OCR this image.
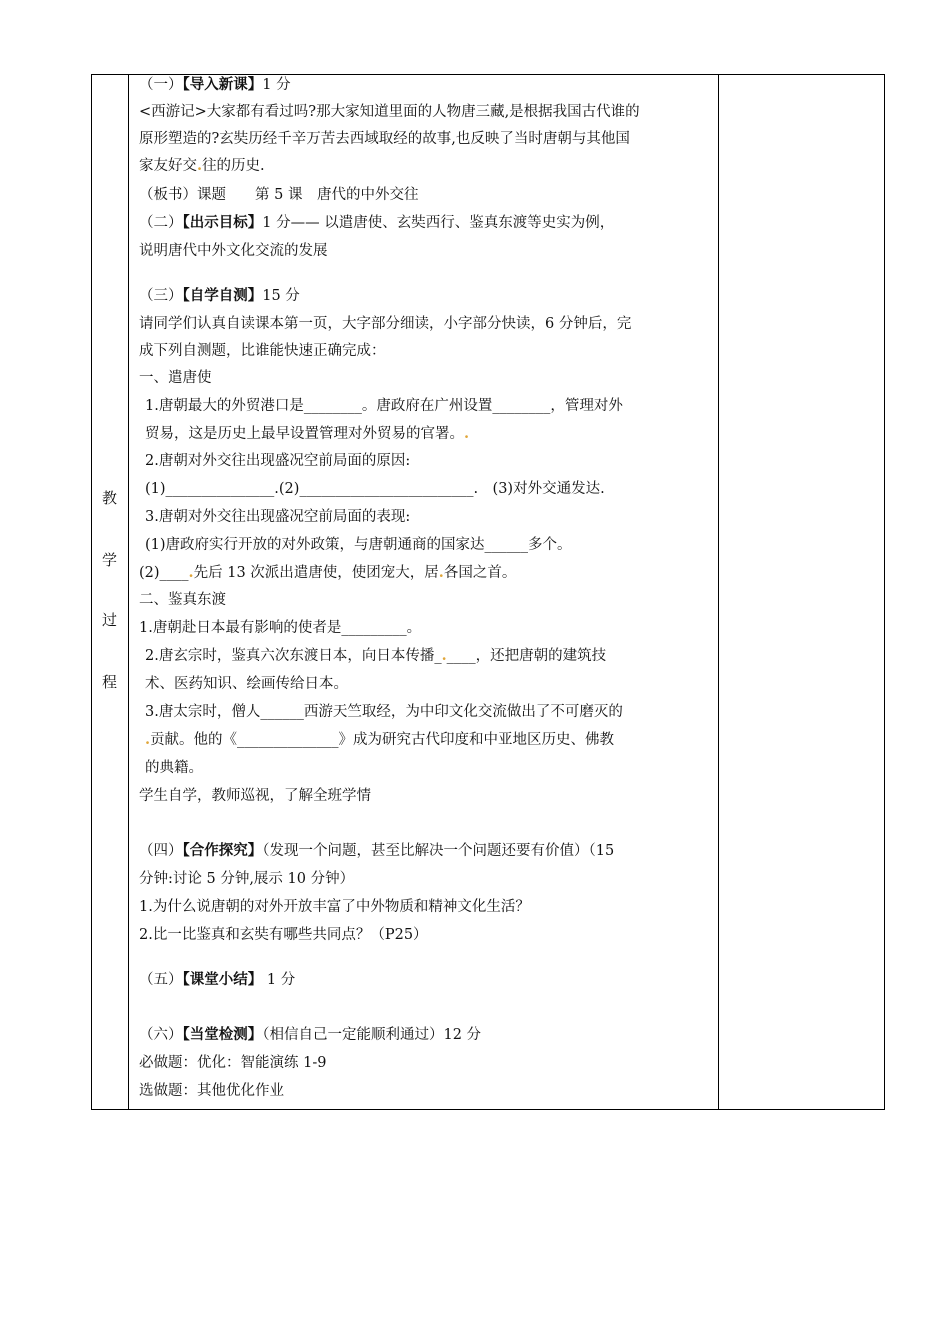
教
学
过
程
（一）【导入新课】1 分
<西游记>大家都有看过吗?那大家知道里面的人物唐三藏,是根据我国古代谁的
原形塑造的?玄奘历经千辛万苦去西域取经的故事,也反映了当时唐朝与其他国
家友好交.往的历史.
（板书）课题　　第 5 课　唐代的中外交往
（二）【出示目标】1 分—— 以遣唐使、玄奘西行、鉴真东渡等史实为例，
说明唐代中外文化交流的发展
（三）【自学自测】15 分
请同学们认真自读课本第一页，大字部分细读，小字部分快读，6 分钟后，完
成下列自测题，比谁能快速正确完成：
一、遣唐使
1.唐朝最大的外贸港口是________。唐政府在广州设置________，管理对外
贸易，这是历史上最早设置管理对外贸易的官署。.
2.唐朝对外交往出现盛况空前局面的原因:
(1)_______________.(2)________________________.　(3)对外交通发达.
3.唐朝对外交往出现盛况空前局面的表现:
(1)唐政府实行开放的对外政策，与唐朝通商的国家达______多个。
(2)____.先后 13 次派出遣唐使，使团宠大，居.各国之首。
二、鉴真东渡
1.唐朝赴日本最有影响的使者是_________。
2.唐玄宗时，鉴真六次东渡日本，向日本传播_.____，还把唐朝的建筑技
术、医药知识、绘画传给日本。
3.唐太宗时，僧人______西游天竺取经，为中印文化交流做出了不可磨灭的
.贡献。他的《______________》成为研究古代印度和中亚地区历史、佛教
的典籍。
学生自学，教师巡视，了解全班学情
（四）【合作探究】（发现一个问题，甚至比解决一个问题还要有价值）（15
分钟:讨论 5 分钟,展示 10 分钟）
1.为什么说唐朝的对外开放丰富了中外物质和精神文化生活？
2.比一比鉴真和玄奘有哪些共同点？（P25）
（五）【课堂小结】 1 分
（六）【当堂检测】（相信自己一定能顺利通过）12 分
必做题：优化：智能演练 1-9
选做题：其他优化作业
